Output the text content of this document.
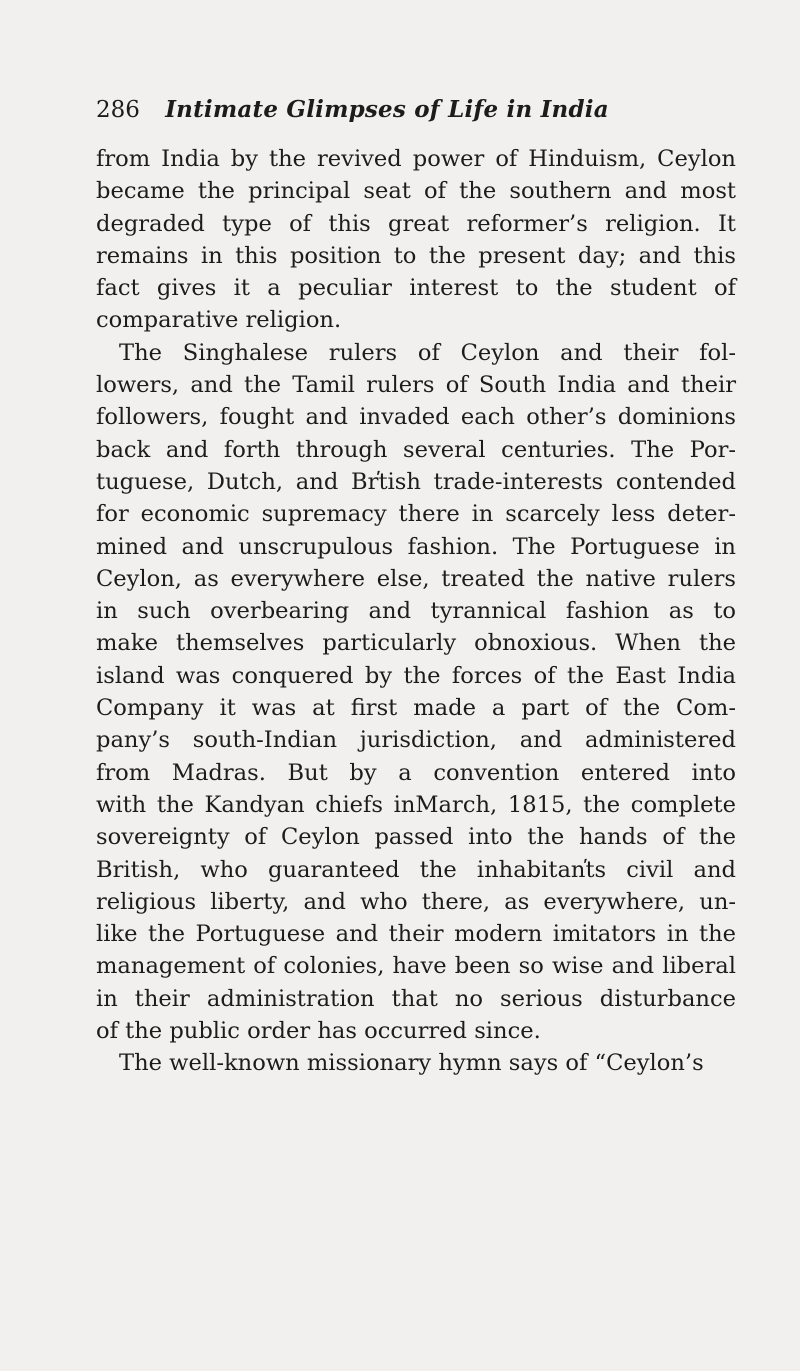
286 Intimate Glimpses of Life in India
from India by the revived power of Hinduism, Ceylon
became the principal seat of the southern and most
degraded type of this great reformer’s religion. It
remains in this position to the present day; and this
fact gives it a peculiar interest to the student of
comparative religion.
The Singhalese rulers of Ceylon and their fol-
lowers, and the Tamil rulers of South India and their
followers, fought and invaded each other’s dominions
back and forth through several centuries. The Por-
tuguese, Dutch, and Br̕tish trade-interests contended
for economic supremacy there in scarcely less deter-
mined and unscrupulous fashion. The Portuguese in
Ceylon, as everywhere else, treated the native rulers
in such overbearing and tyrannical fashion as to
make themselves particularly obnoxious. When the
island was conquered by the forces of the East India
Company it was at first made a part of the Com-
pany’s south-Indian jurisdiction, and administered
from Madras. But by a convention entered into
with the Kandyan chiefs inMarch, 1815, the complete
sovereignty of Ceylon passed into the hands of the
British, who guaranteed the inhabitan̕ts civil and
religious liberty, and who there, as everywhere, un-
like the Portuguese and their modern imitators in the
management of colonies, have been so wise and liberal
in their administration that no serious disturbance
of the public order has occurred since.
The well-known missionary hymn says of “Ceylon’s
